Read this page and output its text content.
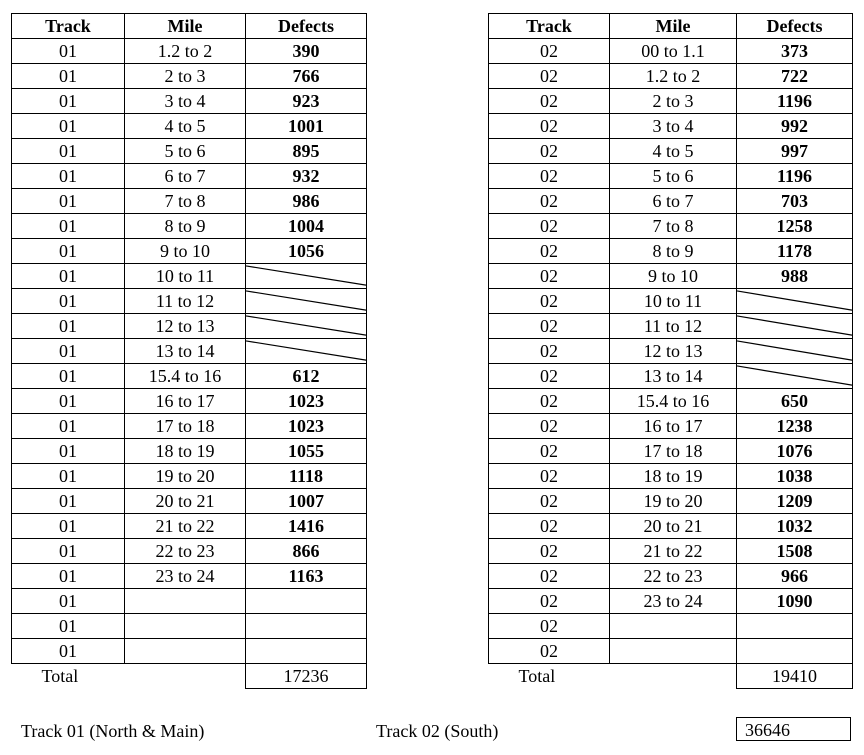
Track	Mile	Defects
01	1.2 to 2	390
01	2 to 3	766
01	3 to 4	923
01	4 to 5	1001
01	5 to 6	895
01	6 to 7	932
01	7 to 8	986
01	8 to 9	1004
01	9 to 10	1056
01	10 to 11	

01	11 to 12	

01	12 to 13	

01	13 to 14	

01	15.4 to 16	612
01	16 to 17	1023
01	17 to 18	1023
01	18 to 19	1055
01	19 to 20	1118
01	20 to 21	1007
01	21 to 22	1416
01	22 to 23	866
01	23 to 24	1163
01		
01		
01		
Total		17236
Track	Mile	Defects
02	00 to 1.1	373
02	1.2 to 2	722
02	2 to 3	1196
02	3 to 4	992
02	4 to 5	997
02	5 to 6	1196
02	6 to 7	703
02	7 to 8	1258
02	8 to 9	1178
02	9 to 10	988
02	10 to 11	

02	11 to 12	

02	12 to 13	

02	13 to 14	

02	15.4 to 16	650
02	16 to 17	1238
02	17 to 18	1076
02	18 to 19	1038
02	19 to 20	1209
02	20 to 21	1032
02	21 to 22	1508
02	22 to 23	966
02	23 to 24	1090
02		
02		
Total		19410
Track 01 (North & Main)	Track 02 (South)	36646
